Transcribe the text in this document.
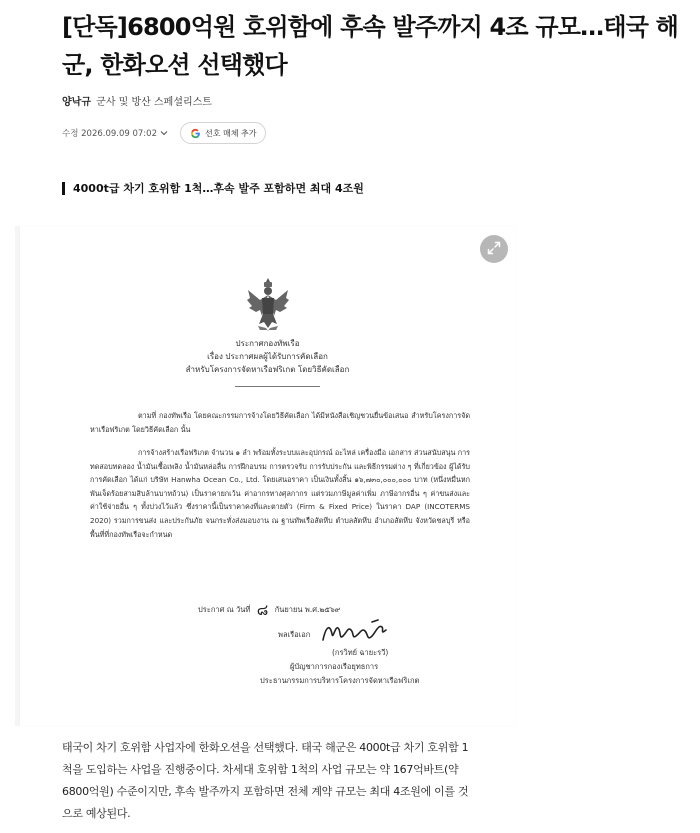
[단독]6800억원 호위함에 후속 발주까지 4조 규모…태국 해군, 한화오션 선택했다
양낙규 군사 및 방산 스페셜리스트
수정 2026.09.09 07:02	선호 매체 추가
4000t급 차기 호위함 1척…후속 발주 포함하면 최대 4조원
ประกาศกองทัพเรือ
เรื่อง ประกาศผลผู้ได้รับการคัดเลือก
สำหรับโครงการจัดหาเรือฟริเกต โดยวิธีคัดเลือก

ตามที่ กองทัพเรือ โดยคณะกรรมการจ้างโดยวิธีคัดเลือก ได้มีหนังสือเชิญชวนยื่นข้อเสนอ สำหรับโครงการจัดหาเรือฟริเกต โดยวิธีคัดเลือก นั้น

การจ้างสร้างเรือฟริเกต จำนวน ๑ ลำ พร้อมทั้งระบบและอุปกรณ์ อะไหล่ เครื่องมือ เอกสาร ส่วนสนับสนุน การทดสอบทดลอง น้ำมันเชื้อเพลิง น้ำมันหล่อลื่น การฝึกอบรม การตรวจรับ การรับประกัน และพิธีกรรมต่าง ๆ ที่เกี่ยวข้อง ผู้ได้รับการคัดเลือก ได้แก่ บริษัท Hanwha Ocean Co., Ltd. โดยเสนอราคา เป็นเงินทั้งสิ้น ๑๖,๗๓๐,๐๐๐,๐๐๐ บาท (หนึ่งหมื่นหกพันเจ็ดร้อยสามสิบล้านบาทถ้วน) เป็นราคายกเว้น ค่าอากรทางศุลกากร แต่รวมภาษีมูลค่าเพิ่ม ภาษีอากรอื่น ๆ ค่าขนส่งและค่าใช้จ่ายอื่น ๆ ทั้งปวงไว้แล้ว ซึ่งราคานี้เป็นราคาคงที่และตายตัว (Firm & Fixed Price) ในราคา DAP (INCOTERMS 2020) รวมการขนส่ง และประกันภัย จนกระทั่งส่งมอบงาน ณ ฐานทัพเรือสัตหีบ ตำบลสัตหีบ อำเภอสัตหีบ จังหวัดชลบุรี หรือพื้นที่ที่กองทัพเรือจะกำหนด

ประกาศ ณ วันที่ ๘ กันยายน พ.ศ.๒๕๖๙
พลเรือเอก
(กรวิทย์ ฉายะรวี)
ผู้บัญชาการกองเรือยุทธการ
ประธานกรรมการบริหารโครงการจัดหาเรือฟริเกต

태국이 차기 호위함 사업자에 한화오션을 선택했다. 태국 해군은 4000t급 차기 호위함 1척을 도입하는 사업을 진행중이다. 차세대 호위함 1척의 사업 규모는 약 167억바트(약 6800억원) 수준이지만, 후속 발주까지 포함하면 전체 계약 규모는 최대 4조원에 이를 것으로 예상된다.
